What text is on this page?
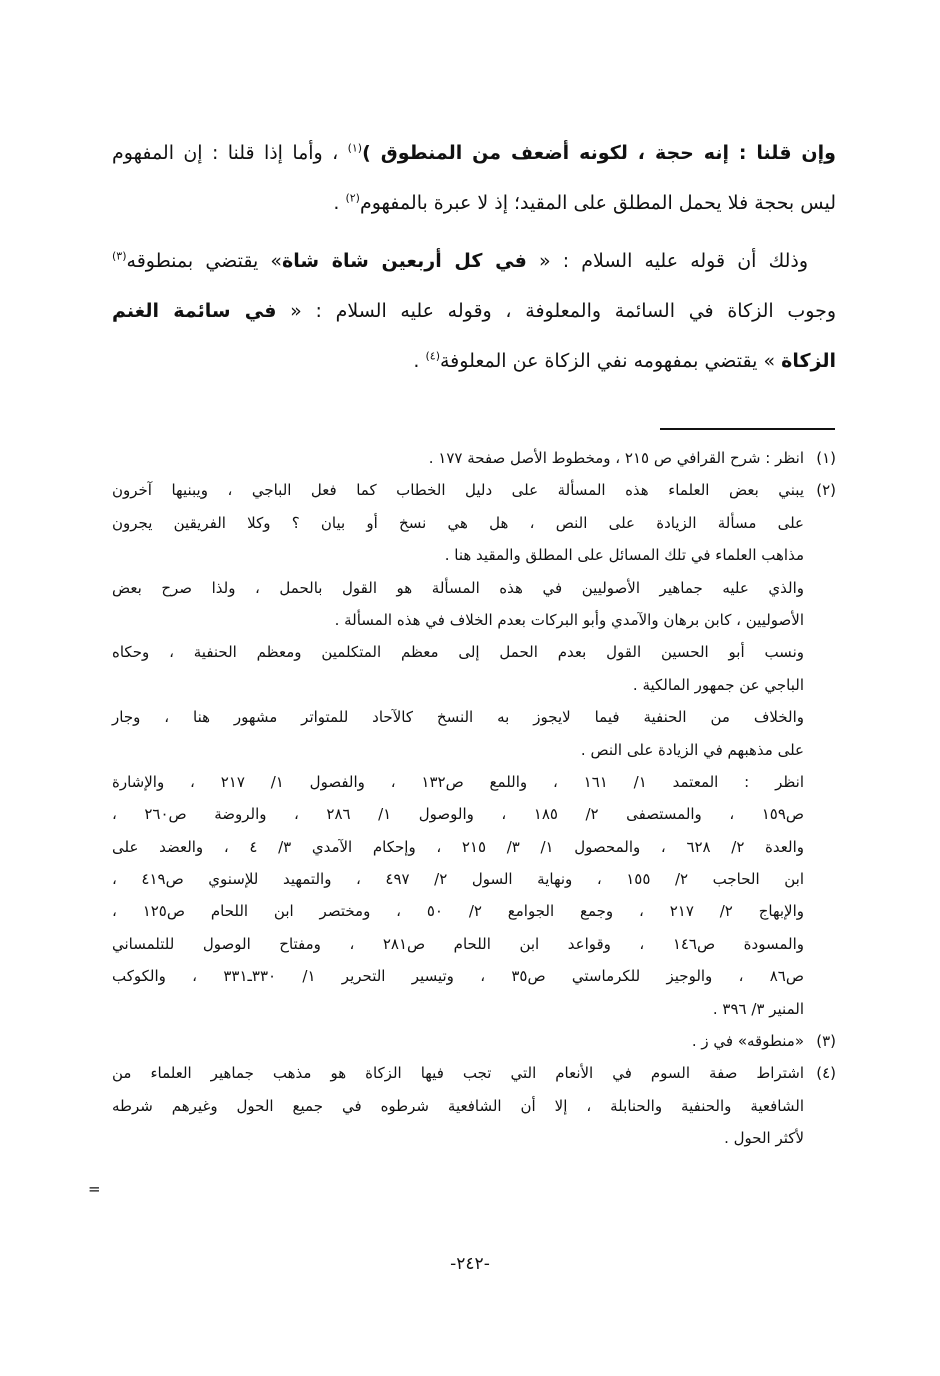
وإن قلنا : إنه حجة ، لكونه أضعف من المنطوق )$^{(١)}$ ، وأما إذا قلنا : إن المفهوم
ليس بحجة فلا يحمل المطلق على المقيد؛ إذ لا عبرة بالمفهوم$^{(٢)}$ .
وذلك أن قوله عليه السلام : « في كل أربعين شاة شاة» يقتضي بمنطوقه$^{(٣)}$
وجوب الزكاة في السائمة والمعلوفة ، وقوله عليه السلام : « في سائمة الغنم
الزكاة » يقتضي بمفهومه نفي الزكاة عن المعلوفة$^{(٤)}$ .
(١)انظر : شرح القرافي ص ٢١٥ ، ومخطوط الأصل صفحة ١٧٧ .
(٢)يبني بعض العلماء هذه المسألة على دليل الخطاب كما فعل الباجي ، ويبنيها آخرون
على مسألة الزيادة على النص ، هل هي نسخ أو بيان ؟ وكلا الفريقين يجرون
مذاهب العلماء في تلك المسائل على المطلق والمقيد هنا .
والذي عليه جماهير الأصوليين في هذه المسألة هو القول بالحمل ، ولذا صرح بعض
الأصوليين ، كابن برهان والآمدي وأبو البركات بعدم الخلاف في هذه المسألة .
ونسب أبو الحسين القول بعدم الحمل إلى معظم المتكلمين ومعظم الحنفية ، وحكاه
الباجي عن جمهور المالكية .
والخلاف من الحنفية فيما لايجوز به النسخ كالآحاد للمتواتر مشهور هنا ، وجار
على مذهبهم في الزيادة على النص .
انظر : المعتمد ١/ ١٦١ ، واللمع ص١٣٢ ، والفصول ١/ ٢١٧ ، والإشارة
ص١٥٩ ، والمستصفى ٢/ ١٨٥ ، والوصول ١/ ٢٨٦ ، والروضة ص٢٦٠ ،
والعدة ٢/ ٦٢٨ ، والمحصول ١/ ٣/ ٢١٥ ، وإحكام الآمدي ٣/ ٤ ، والعضد على
ابن الحاجب ٢/ ١٥٥ ، ونهاية السول ٢/ ٤٩٧ ، والتمهيد للإسنوي ص٤١٩ ،
والإبهاج ٢/ ٢١٧ ، وجمع الجوامع ٢/ ٥٠ ، ومختصر ابن اللحام ص١٢٥ ،
والمسودة ص١٤٦ ، وقواعد ابن اللحام ص٢٨١ ، ومفتاح الوصول للتلمساني
ص٨٦ ، والوجيز للكرماستي ص٣٥ ، وتيسير التحرير ١/ ٣٣٠ـ٣٣١ ، والكوكب
المنير ٣/ ٣٩٦ .
(٣)«منطوقه» في ز .
(٤)اشتراط صفة السوم في الأنعام التي تجب فيها الزكاة هو مذهب جماهير العلماء من
الشافعية والحنفية والحنابلة ، إلا أن الشافعية شرطوه في جميع الحول وغيرهم شرطه
لأكثر الحول .
=
-٢٤٢-
